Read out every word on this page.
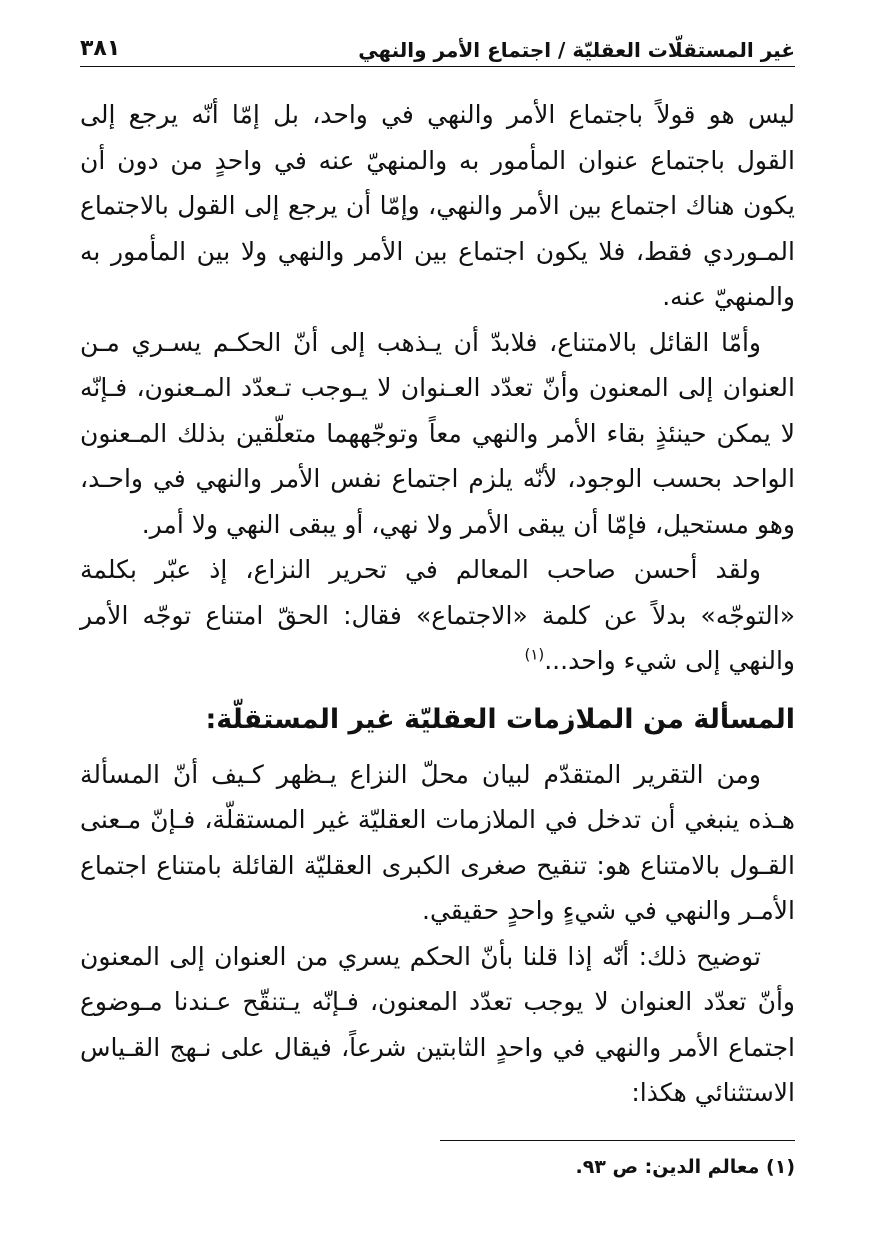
غير المستقلّات العقليّة / اجتماع الأمر والنهي
٣٨١

ليس هو قولاً باجتماع الأمر والنهي في واحد، بل إمّا أنّه يرجع إلى القول باجتماع عنوان المأمور به والمنهيّ عنه في واحدٍ من دون أن يكون هناك اجتماع بين الأمر والنهي، وإمّا أن يرجع إلى القول بالاجتماع المـوردي فقط، فلا يكون اجتماع بين الأمر والنهي ولا بين المأمور به والمنهيّ عنه.

وأمّا القائل بالامتناع، فلابدّ أن يـذهب إلى أنّ الحكـم يسـري مـن العنوان إلى المعنون وأنّ تعدّد العـنوان لا يـوجب تـعدّد المـعنون، فـإنّه لا يمكن حينئذٍ بقاء الأمر والنهي معاً وتوجّههما متعلّقين بذلك المـعنون الواحد بحسب الوجود، لأنّه يلزم اجتماع نفس الأمر والنهي في واحـد، وهو مستحيل، فإمّا أن يبقى الأمر ولا نهي، أو يبقى النهي ولا أمر.

ولقد أحسن صاحب المعالم في تحرير النزاع، إذ عبّر بكلمة «التوجّه» بدلاً عن كلمة «الاجتماع» فقال: الحقّ امتناع توجّه الأمر والنهي إلى شيء واحد...$^{(١)}$

المسألة من الملازمات العقليّة غير المستقلّة:

ومن التقرير المتقدّم لبيان محلّ النزاع يـظهر كـيف أنّ المسألة هـذه ينبغي أن تدخل في الملازمات العقليّة غير المستقلّة، فـإنّ مـعنى القـول بالامتناع هو: تنقيح صغرى الكبرى العقليّة القائلة بامتناع اجتماع الأمـر والنهي في شيءٍ واحدٍ حقيقي.

توضيح ذلك: أنّه إذا قلنا بأنّ الحكم يسري من العنوان إلى المعنون وأنّ تعدّد العنوان لا يوجب تعدّد المعنون، فـإنّه يـتنقّح عـندنا مـوضوع اجتماع الأمر والنهي في واحدٍ الثابتين شرعاً، فيقال على نـهج القـياس الاستثنائي هكذا:

(١) معالم الدين: ص ٩٣.
